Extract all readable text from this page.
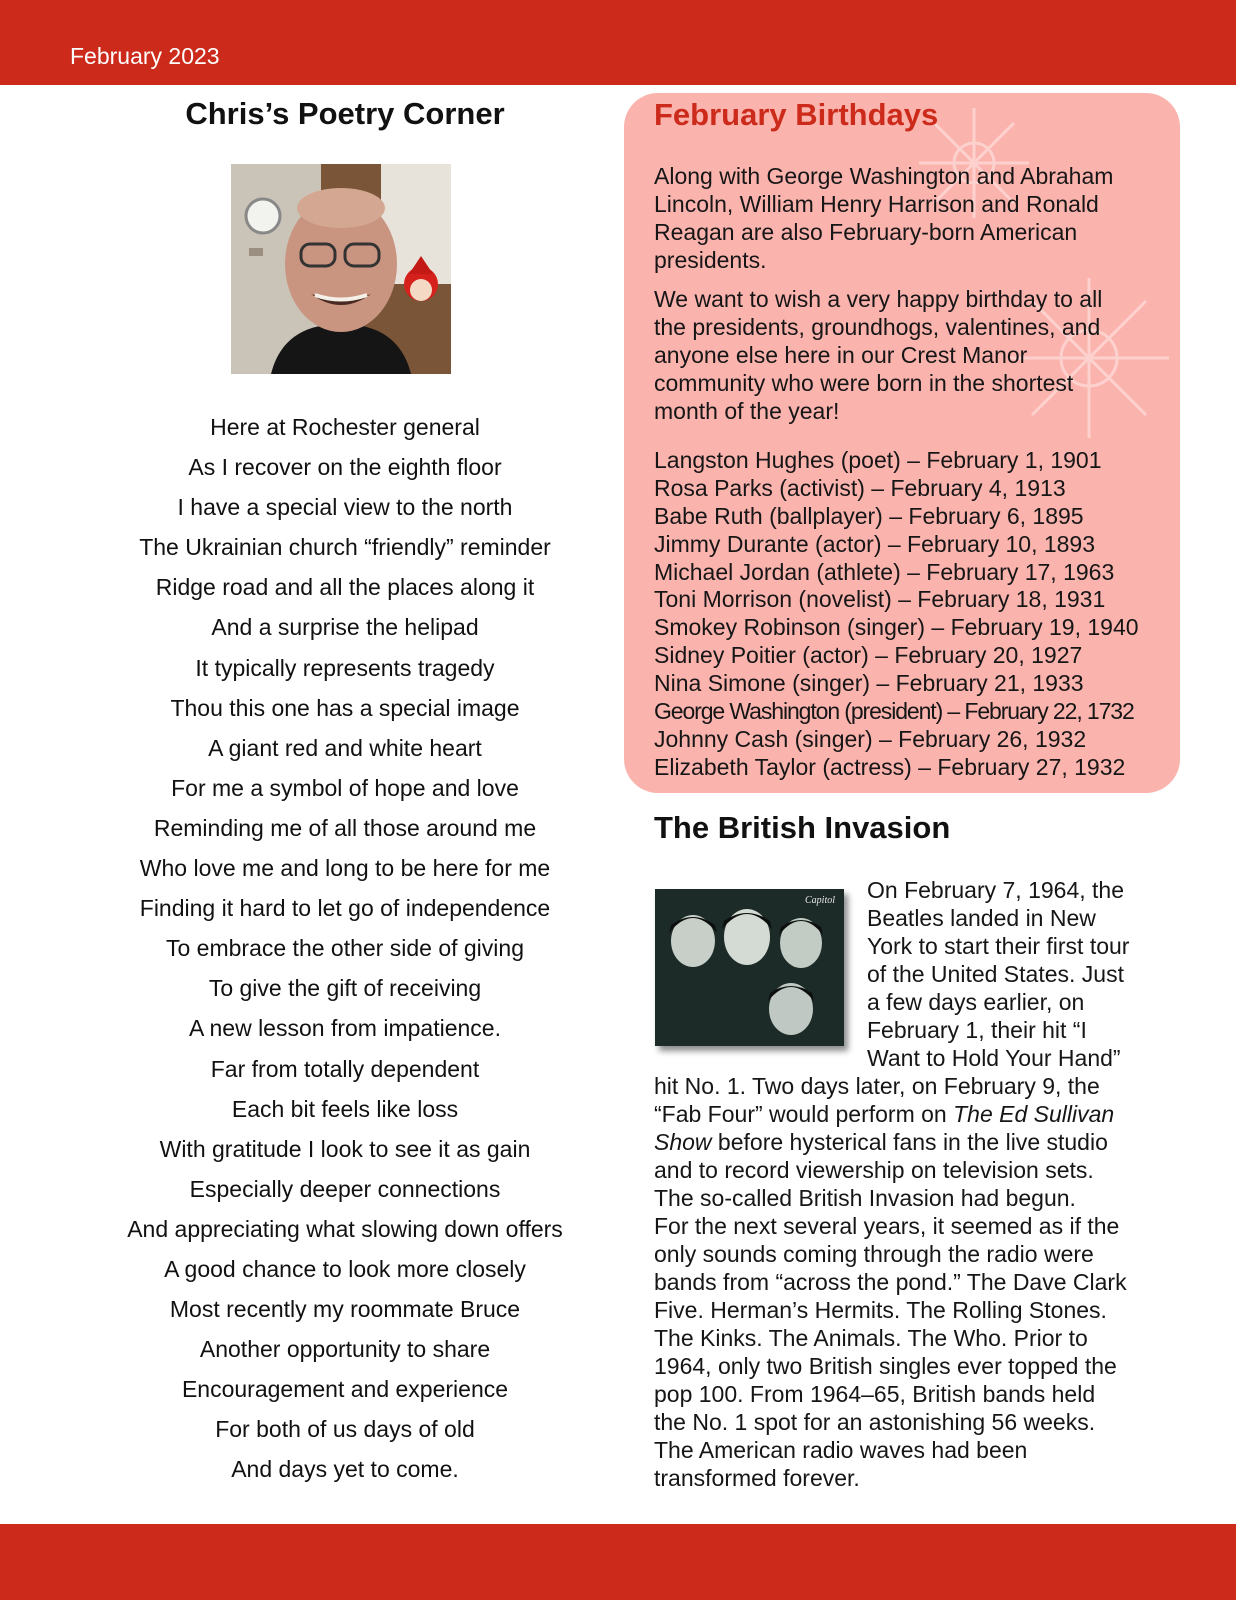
February 2023
Chris’s Poetry Corner
Here at Rochester general
As I recover on the eighth floor
I have a special view to the north
The Ukrainian church “friendly” reminder
Ridge road and all the places along it
And a surprise the helipad
It typically represents tragedy
Thou this one has a special image
A giant red and white heart
For me a symbol of hope and love
Reminding me of all those around me
Who love me and long to be here for me
Finding it hard to let go of independence
To embrace the other side of giving
To give the gift of receiving
A new lesson from impatience.
Far from totally dependent
Each bit feels like loss
With gratitude I look to see it as gain
Especially deeper connections
And appreciating what slowing down offers
A good chance to look more closely
Most recently my roommate Bruce
Another opportunity to share
Encouragement and experience
For both of us days of old
And days yet to come.
February Birthdays

Along with George Washington and Abraham
Lincoln, William Henry Harrison and Ronald
Reagan are also February-born American
presidents.

We want to wish a very happy birthday to all
the presidents, groundhogs, valentines, and
anyone else here in our Crest Manor
community who were born in the shortest
month of the year!

Langston Hughes (poet) – February 1, 1901
Rosa Parks (activist) – February 4, 1913
Babe Ruth (ballplayer) – February 6, 1895
Jimmy Durante (actor) – February 10, 1893
Michael Jordan (athlete) – February 17, 1963
Toni Morrison (novelist) – February 18, 1931
Smokey Robinson (singer) – February 19, 1940
Sidney Poitier (actor) – February 20, 1927
Nina Simone (singer) – February 21, 1933
George Washington (president) – February 22, 1732
Johnny Cash (singer) – February 26, 1932
Elizabeth Taylor (actress) – February 27, 1932
The British Invasion
Capitol	On February 7, 1964, the
Beatles landed in New
York to start their first tour
of the United States. Just
a few days earlier, on
February 1, their hit “I
Want to Hold Your Hand”
hit No. 1. Two days later, on February 9, the
“Fab Four” would perform on The Ed Sullivan
Show before hysterical fans in the live studio
and to record viewership on television sets.
The so-called British Invasion had begun.
For the next several years, it seemed as if the
only sounds coming through the radio were
bands from “across the pond.” The Dave Clark
Five. Herman’s Hermits. The Rolling Stones.
The Kinks. The Animals. The Who. Prior to
1964, only two British singles ever topped the
pop 100. From 1964–65, British bands held
the No. 1 spot for an astonishing 56 weeks.
The American radio waves had been
transformed forever.
